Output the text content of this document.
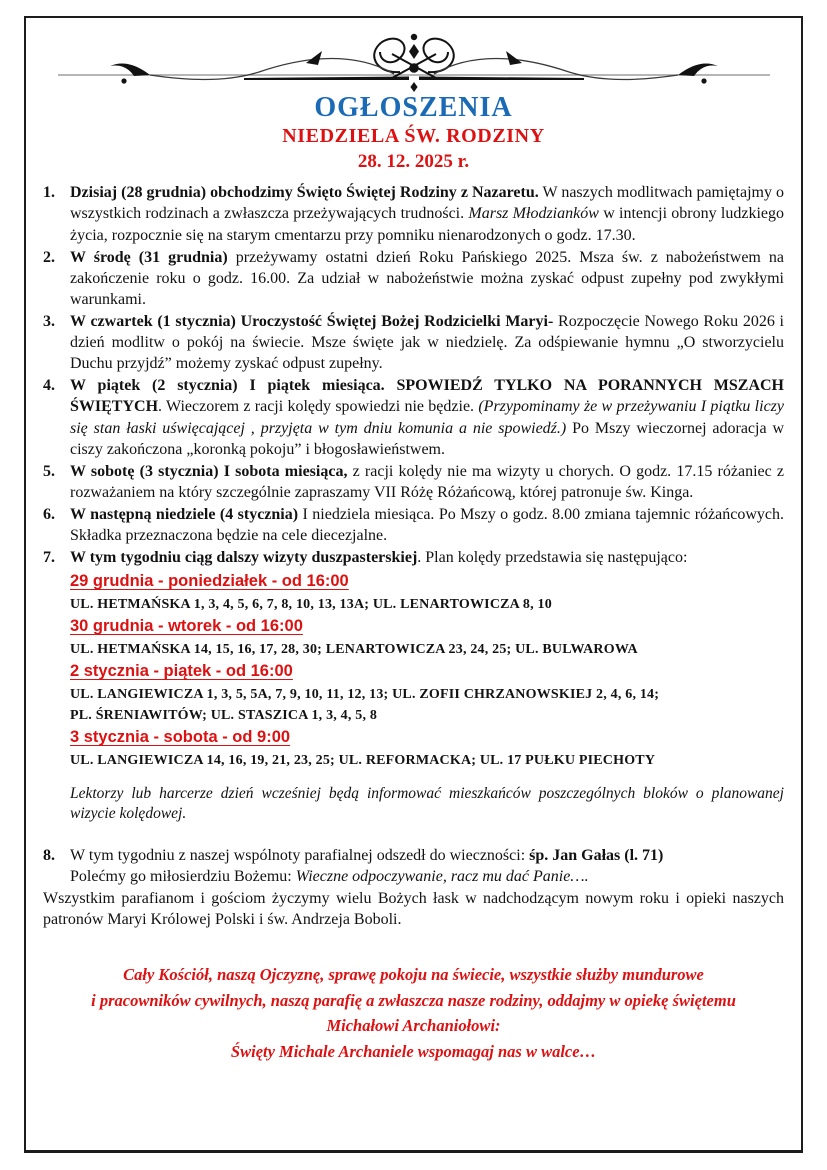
OGŁOSZENIA
NIEDZIELA ŚW. RODZINY
28. 12. 2025 r.
Dzisiaj (28 grudnia) obchodzimy Święto Świętej Rodziny z Nazaretu. W naszych modlitwach pamiętajmy o wszystkich rodzinach a zwłaszcza przeżywających trudności. Marsz Młodzianków w intencji obrony ludzkiego życia, rozpocznie się na starym cmentarzu przy pomniku nienarodzonych o godz. 17.30.
W środę (31 grudnia) przeżywamy ostatni dzień Roku Pańskiego 2025. Msza św. z nabożeństwem na zakończenie roku o godz. 16.00. Za udział w nabożeństwie można zyskać odpust zupełny pod zwykłymi warunkami.
W czwartek (1 stycznia) Uroczystość Świętej Bożej Rodzicielki Maryi- Rozpoczęcie Nowego Roku 2026 i dzień modlitw o pokój na świecie. Msze święte jak w niedzielę. Za odśpiewanie hymnu „O stworzycielu Duchu przyjdź” możemy zyskać odpust zupełny.
W piątek (2 stycznia) I piątek miesiąca. SPOWIEDŹ TYLKO NA PORANNYCH MSZACH ŚWIĘTYCH. Wieczorem z racji kolędy spowiedzi nie będzie. (Przypominamy że w przeżywaniu I piątku liczy się stan łaski uświęcającej , przyjęta w tym dniu komunia a nie spowiedź.) Po Mszy wieczornej adoracja w ciszy zakończona „koronką pokoju” i błogosławieństwem.
W sobotę (3 stycznia) I sobota miesiąca, z racji kolędy nie ma wizyty u chorych. O godz. 17.15 różaniec z rozważaniem na który szczególnie zapraszamy VII Różę Różańcową, której patronuje św. Kinga.
W następną niedziele (4 stycznia) I niedziela miesiąca. Po Mszy o godz. 8.00 zmiana tajemnic różańcowych. Składka przeznaczona będzie na cele diecezjalne.
W tym tygodniu ciąg dalszy wizyty duszpasterskiej. Plan kolędy przedstawia się następująco:
29 grudnia - poniedziałek - od 16:00
UL. HETMAŃSKA 1, 3, 4, 5, 6, 7, 8, 10, 13, 13A; UL. LENARTOWICZA 8, 10
30 grudnia - wtorek - od 16:00
UL. HETMAŃSKA 14, 15, 16, 17, 28, 30; LENARTOWICZA 23, 24, 25; UL. BULWAROWA
2 stycznia - piątek - od 16:00
UL. LANGIEWICZA 1, 3, 5, 5A, 7, 9, 10, 11, 12, 13; UL. ZOFII CHRZANOWSKIEJ 2, 4, 6, 14;
PL. ŚRENIAWITÓW; UL. STASZICA 1, 3, 4, 5, 8
3 stycznia - sobota - od 9:00
UL. LANGIEWICZA 14, 16, 19, 21, 23, 25; UL. REFORMACKA; UL. 17 PUŁKU PIECHOTY
Lektorzy lub harcerze dzień wcześniej będą informować mieszkańców poszczególnych bloków o planowanej wizycie kolędowej.
W tym tygodniu z naszej wspólnoty parafialnej odszedł do wieczności: śp. Jan Gałas (l. 71)
Polećmy go miłosierdziu Bożemu: Wieczne odpoczywanie, racz mu dać Panie….

Wszystkim parafianom i gościom życzymy wielu Bożych łask w nadchodzącym nowym roku i opieki naszych patronów Maryi Królowej Polski i św. Andrzeja Boboli.

Cały Kościół, naszą Ojczyznę, sprawę pokoju na świecie, wszystkie służby mundurowe
i pracowników cywilnych, naszą parafię a zwłaszcza nasze rodziny, oddajmy w opiekę świętemu
Michałowi Archaniołowi:
Święty Michale Archaniele wspomagaj nas w walce…
